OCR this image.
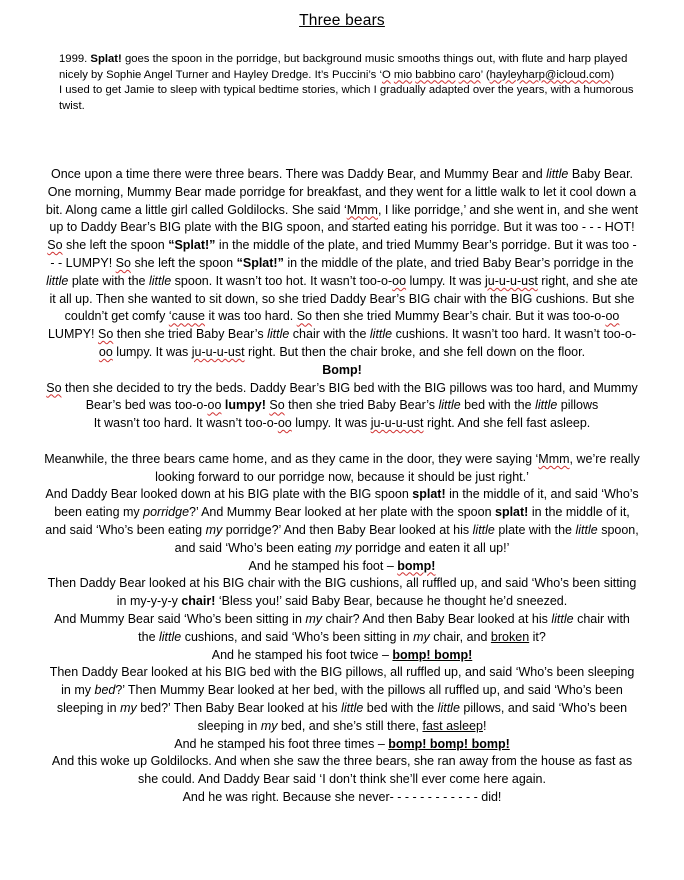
Three bears

1999. Splat! goes the spoon in the porridge, but background music smooths things out, with flute and harp played nicely by Sophie Angel Turner and Hayley Dredge. It’s Puccini’s ‘O mio babbino caro’ (hayleyharp@icloud.com)

I used to get Jamie to sleep with typical bedtime stories, which I gradually adapted over the years, with a humorous twist.

Once upon a time there were three bears. There was Daddy Bear, and Mummy Bear and little Baby Bear. One morning, Mummy Bear made porridge for breakfast, and they went for a little walk to let it cool down a bit. Along came a little girl called Goldilocks. She said ‘Mmm, I like porridge,’ and she went in, and she went up to Daddy Bear’s BIG plate with the BIG spoon, and started eating his porridge. But it was too - - - HOT! So she left the spoon “Splat!” in the middle of the plate, and tried Mummy Bear’s porridge. But it was too - - - LUMPY! So she left the spoon “Splat!” in the middle of the plate, and tried Baby Bear’s porridge in the little plate with the little spoon. It wasn’t too hot. It wasn’t too-o-oo lumpy. It was ju-u-u-ust right, and she ate it all up. Then she wanted to sit down, so she tried Daddy Bear’s BIG chair with the BIG cushions. But she couldn’t get comfy ‘cause it was too hard. So then she tried Mummy Bear’s chair. But it was too-o-oo LUMPY! So then she tried Baby Bear’s little chair with the little cushions. It wasn’t too hard. It wasn’t too-o-oo lumpy. It was ju-u-u-ust right. But then the chair broke, and she fell down on the floor.

Bomp!

So then she decided to try the beds. Daddy Bear’s BIG bed with the BIG pillows was too hard, and Mummy Bear’s bed was too-o-oo lumpy! So then she tried Baby Bear’s little bed with the little pillows

It wasn’t too hard. It wasn’t too-o-oo lumpy. It was ju-u-u-ust right. And she fell fast asleep.

Meanwhile, the three bears came home, and as they came in the door, they were saying ‘Mmm, we’re really looking forward to our porridge now, because it should be just right.’

And Daddy Bear looked down at his BIG plate with the BIG spoon splat! in the middle of it, and said ‘Who’s been eating my porridge?’ And Mummy Bear looked at her plate with the spoon splat! in the middle of it, and said ‘Who’s been eating my porridge?’ And then Baby Bear looked at his little plate with the little spoon, and said ‘Who’s been eating my porridge and eaten it all up!’

And he stamped his foot – bomp!

Then Daddy Bear looked at his BIG chair with the BIG cushions, all ruffled up, and said ‘Who’s been sitting in my-y-y-y chair! ‘Bless you!’ said Baby Bear, because he thought he’d sneezed.

And Mummy Bear said ‘Who’s been sitting in my chair? And then Baby Bear looked at his little chair with the little cushions, and said ‘Who’s been sitting in my chair, and broken it?

And he stamped his foot twice – bomp! bomp!

Then Daddy Bear looked at his BIG bed with the BIG pillows, all ruffled up, and said ‘Who’s been sleeping in my bed?’ Then Mummy Bear looked at her bed, with the pillows all ruffled up, and said ‘Who’s been sleeping in my bed?’ Then Baby Bear looked at his little bed with the little pillows, and said ‘Who’s been sleeping in my bed, and she’s still there, fast asleep!

And he stamped his foot three times – bomp! bomp! bomp!

And this woke up Goldilocks. And when she saw the three bears, she ran away from the house as fast as she could. And Daddy Bear said ‘I don’t think she’ll ever come here again.

And he was right. Because she never- - - - - - - - - - - - did!
